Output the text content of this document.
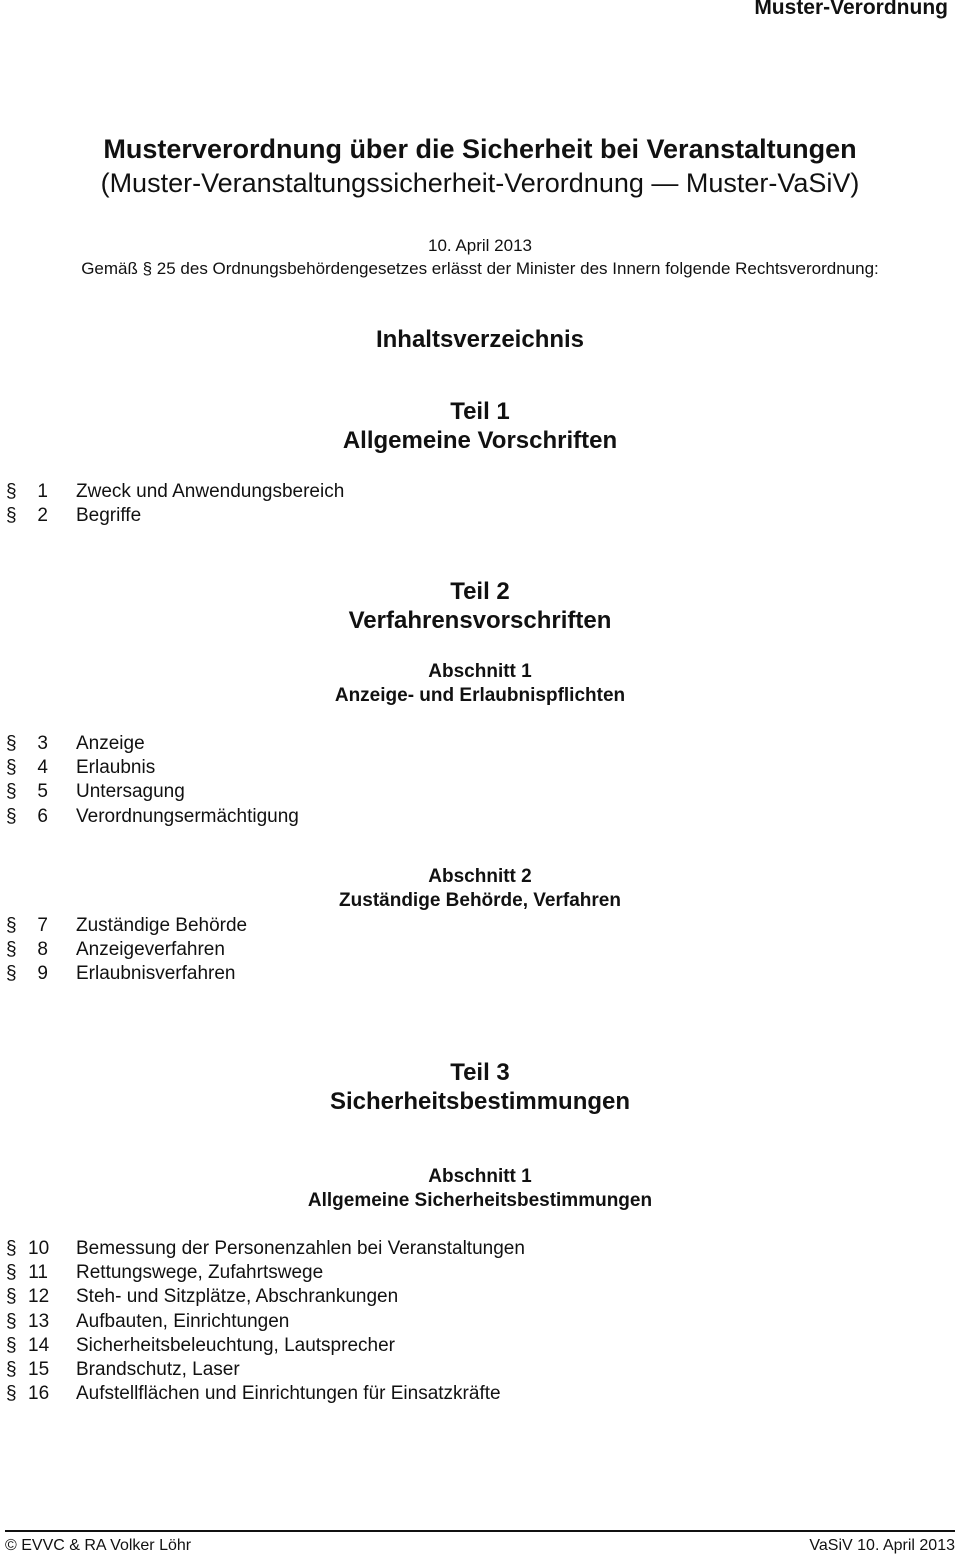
Muster-Verordnung
Musterverordnung über die Sicherheit bei Veranstaltungen
(Muster-Veranstaltungssicherheit-Verordnung — Muster-VaSiV)
10. April 2013
Gemäß § 25 des Ordnungsbehördengesetzes erlässt der Minister des Innern folgende Rechtsverordnung:
Inhaltsverzeichnis
Teil 1
Allgemeine Vorschriften
§	1 Zweck und Anwendungsbereich
§	2 Begriffe
Teil 2
Verfahrensvorschriften
Abschnitt 1
Anzeige- und Erlaubnispflichten
§	3 Anzeige
§	4 Erlaubnis
§	5 Untersagung
§	6 Verordnungsermächtigung
Abschnitt 2
Zuständige Behörde, Verfahren
§	7 Zuständige Behörde
§	8 Anzeigeverfahren
§	9 Erlaubnisverfahren
Teil 3
Sicherheitsbestimmungen
Abschnitt 1
Allgemeine Sicherheitsbestimmungen
§ 10 Bemessung der Personenzahlen bei Veranstaltungen
§ 11 Rettungswege, Zufahrtswege
§ 12 Steh- und Sitzplätze, Abschrankungen
§ 13 Aufbauten, Einrichtungen
§ 14 Sicherheitsbeleuchtung, Lautsprecher
§ 15 Brandschutz, Laser
§ 16 Aufstellflächen und Einrichtungen für Einsatzkräfte
© EVVC & RA Volker Löhr	VaSiV 10. April 2013
